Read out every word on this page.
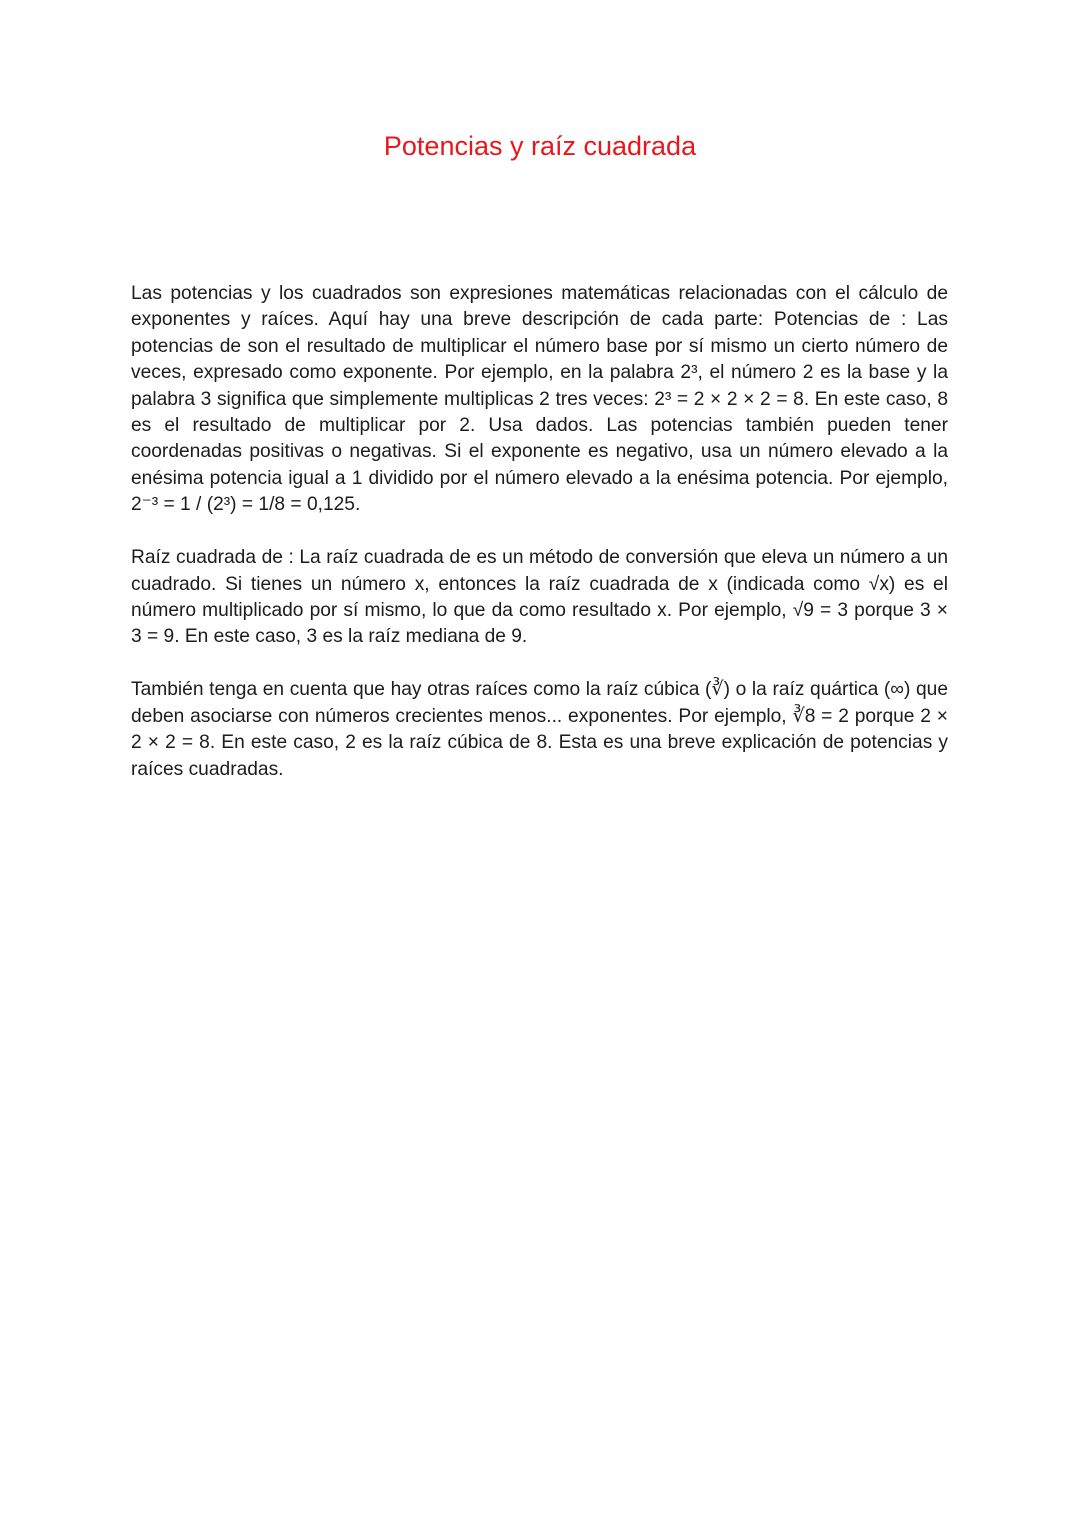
Potencias y raíz cuadrada

Las potencias y los cuadrados son expresiones matemáticas relacionadas con el cálculo de exponentes y raíces. Aquí hay una breve descripción de cada parte: Potencias de : Las potencias de son el resultado de multiplicar el número base por sí mismo un cierto número de veces, expresado como exponente. Por ejemplo, en la palabra 2³, el número 2 es la base y la palabra 3 significa que simplemente multiplicas 2 tres veces: 2³ = 2 × 2 × 2 = 8. En este caso, 8 es el resultado de multiplicar por 2. Usa dados. Las potencias también pueden tener coordenadas positivas o negativas. Si el exponente es negativo, usa un número elevado a la enésima potencia igual a 1 dividido por el número elevado a la enésima potencia. Por ejemplo, 2⁻³ = 1 / (2³) = 1/8 = 0,125.

Raíz cuadrada de : La raíz cuadrada de es un método de conversión que eleva un número a un cuadrado. Si tienes un número x, entonces la raíz cuadrada de x (indicada como √x) es el número multiplicado por sí mismo, lo que da como resultado x. Por ejemplo, √9 = 3 porque 3 × 3 = 9. En este caso, 3 es la raíz mediana de 9.

También tenga en cuenta que hay otras raíces como la raíz cúbica (∛) o la raíz quártica (∞) que deben asociarse con números crecientes menos... exponentes. Por ejemplo, ∛8 = 2 porque 2 × 2 × 2 = 8. En este caso, 2 es la raíz cúbica de 8. Esta es una breve explicación de potencias y raíces cuadradas.
